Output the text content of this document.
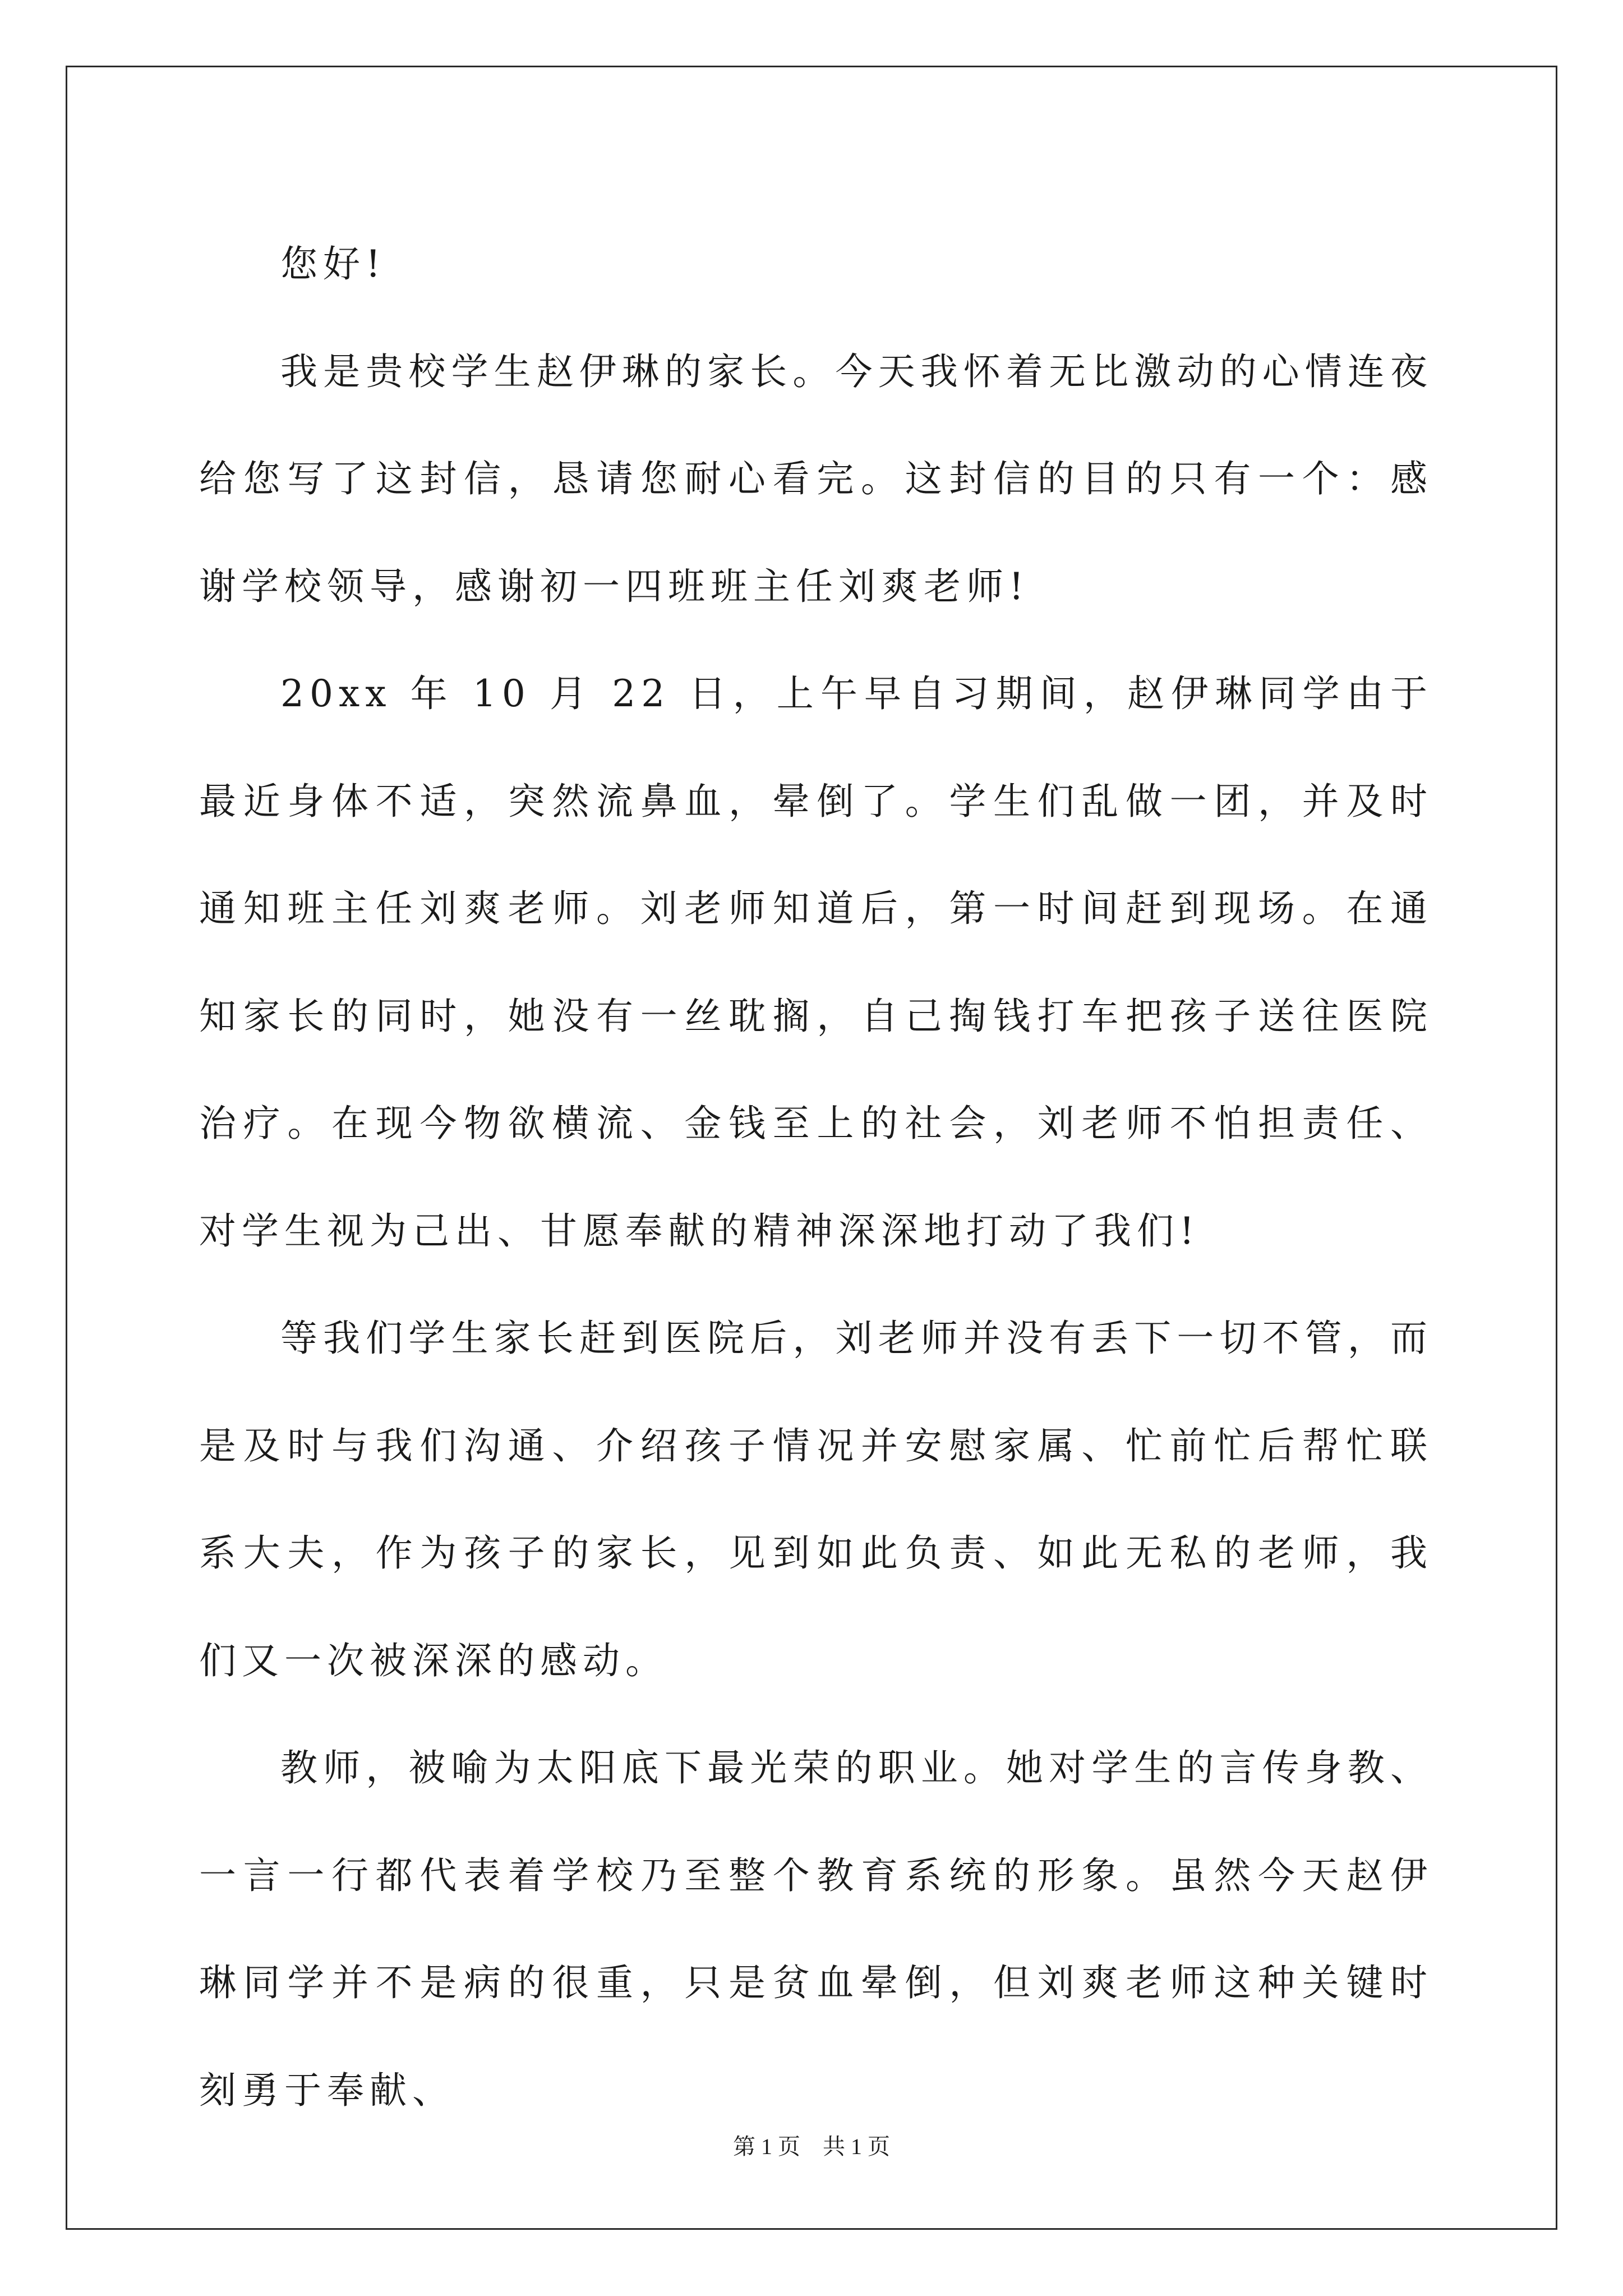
您好!

我是贵校学生赵伊琳的家长。今天我怀着无比激动的心情连夜给您写了这封信，恳请您耐心看完。这封信的目的只有一个：感谢学校领导，感谢初一四班班主任刘爽老师!

20xx 年 10 月 22 日，上午早自习期间，赵伊琳同学由于最近身体不适，突然流鼻血，晕倒了。学生们乱做一团，并及时通知班主任刘爽老师。刘老师知道后，第一时间赶到现场。在通知家长的同时，她没有一丝耽搁，自己掏钱打车把孩子送往医院治疗。在现今物欲横流、金钱至上的社会，刘老师不怕担责任、对学生视为己出、甘愿奉献的精神深深地打动了我们!

等我们学生家长赶到医院后，刘老师并没有丢下一切不管，而是及时与我们沟通、介绍孩子情况并安慰家属、忙前忙后帮忙联系大夫，作为孩子的家长，见到如此负责、如此无私的老师，我们又一次被深深的感动。

教师，被喻为太阳底下最光荣的职业。她对学生的言传身教、一言一行都代表着学校乃至整个教育系统的形象。虽然今天赵伊琳同学并不是病的很重，只是贫血晕倒，但刘爽老师这种关键时刻勇于奉献、

第 1 页　共 1 页
